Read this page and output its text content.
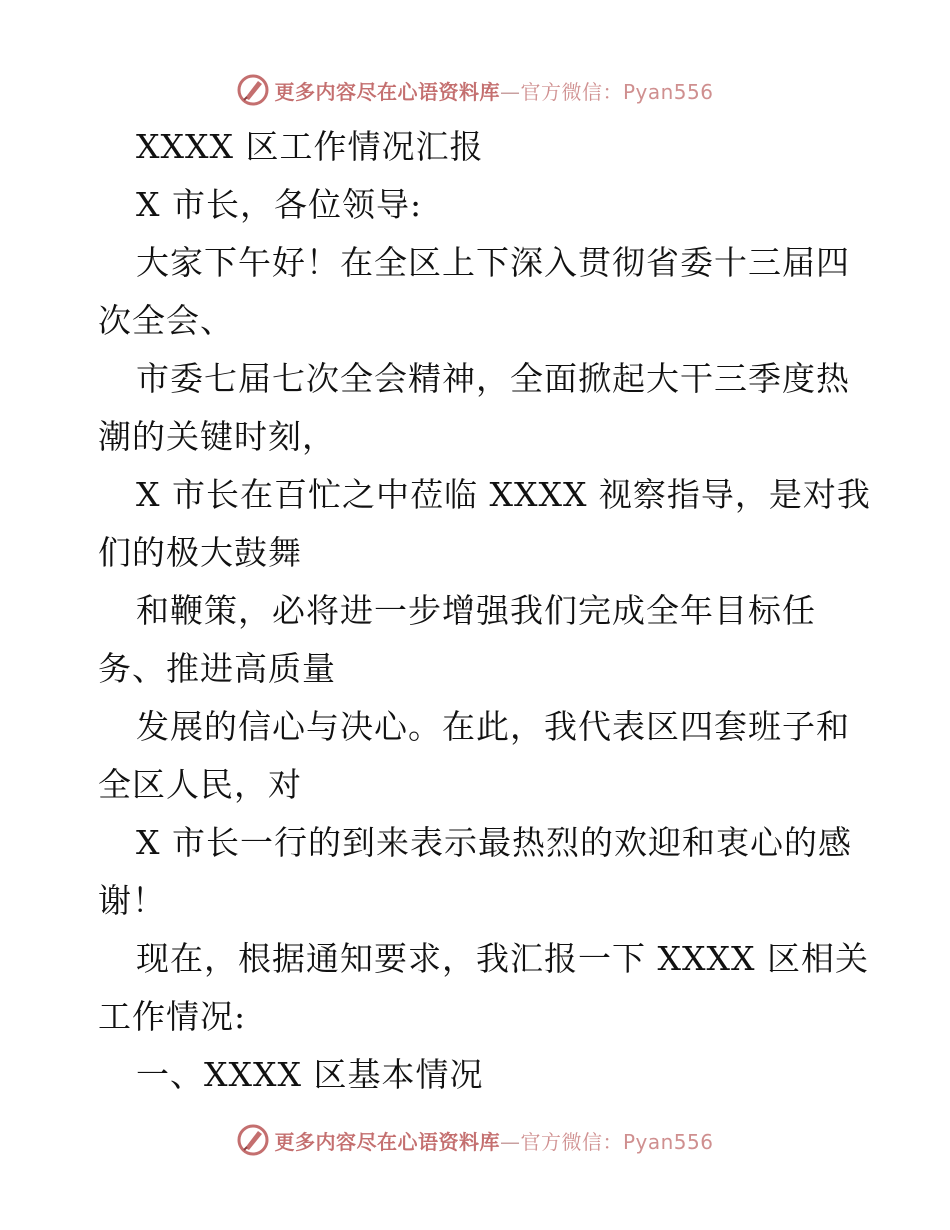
更多内容尽在心语资料库—官方微信：Pyan556
XXXX 区工作情况汇报
X 市长，各位领导:
大家下午好！在全区上下深入贯彻省委十三届四
次全会、
市委七届七次全会精神，全面掀起大干三季度热
潮的关键时刻，
X 市长在百忙之中莅临 XXXX 视察指导，是对我
们的极大鼓舞
和鞭策，必将进一步增强我们完成全年目标任
务、推进高质量
发展的信心与决心。在此，我代表区四套班子和
全区人民，对
X 市长一行的到来表示最热烈的欢迎和衷心的感
谢！
现在，根据通知要求，我汇报一下 XXXX 区相关
工作情况:
一、XXXX 区基本情况
更多内容尽在心语资料库—官方微信：Pyan556
